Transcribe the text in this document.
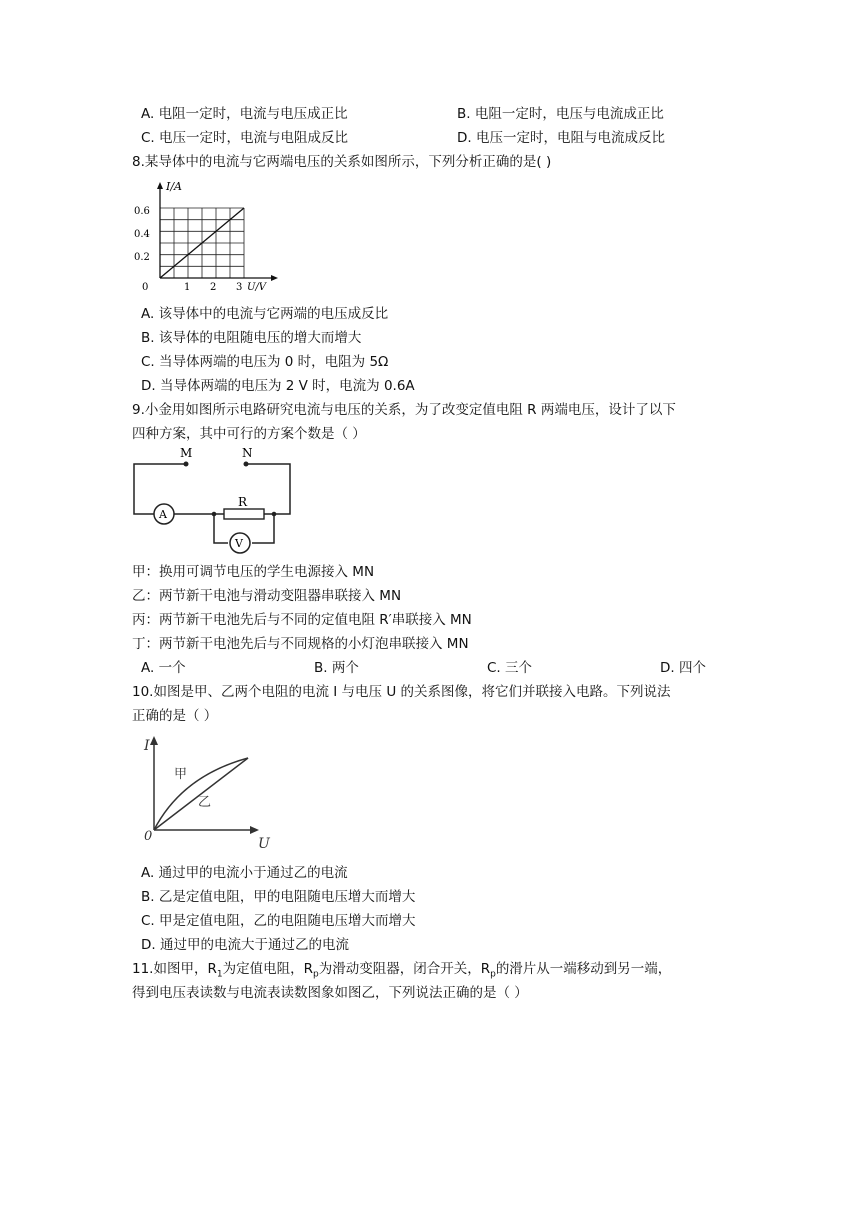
A. 电阻一定时，电流与电压成正比	B. 电阻一定时，电压与电流成正比
C. 电压一定时，电流与电阻成反比	D. 电压一定时，电阻与电流成反比
8.某导体中的电流与它两端电压的关系如图所示，下列分析正确的是( )
I/A
0.6
0.4
0.2
0	1 2 3 U/V
A. 该导体中的电流与它两端的电压成反比
B. 该导体的电阻随电压的增大而增大
C. 当导体两端的电压为 0 时，电阻为 5Ω
D. 当导体两端的电压为 2 V 时，电流为 0.6A
9.小金用如图所示电路研究电流与电压的关系，为了改变定值电阻 R 两端电压，设计了以下
四种方案，其中可行的方案个数是（ ）
M	N
R
A
V
甲：换用可调节电压的学生电源接入 MN
乙：两节新干电池与滑动变阻器串联接入 MN
丙：两节新干电池先后与不同的定值电阻 R′串联接入 MN
丁：两节新干电池先后与不同规格的小灯泡串联接入 MN
A. 一个	B. 两个	C. 三个	D. 四个
10.如图是甲、乙两个电阻的电流 I 与电压 U 的关系图像，将它们并联接入电路。下列说法
正确的是（ ）
I
U
0
甲
乙
A. 通过甲的电流小于通过乙的电流
B. 乙是定值电阻，甲的电阻随电压增大而增大
C. 甲是定值电阻，乙的电阻随电压增大而增大
D. 通过甲的电流大于通过乙的电流
11.如图甲，$R_1$为定值电阻，$R_p$为滑动变阻器，闭合开关，$R_p$的滑片从一端移动到另一端，
得到电压表读数与电流表读数图象如图乙，下列说法正确的是（ ）
